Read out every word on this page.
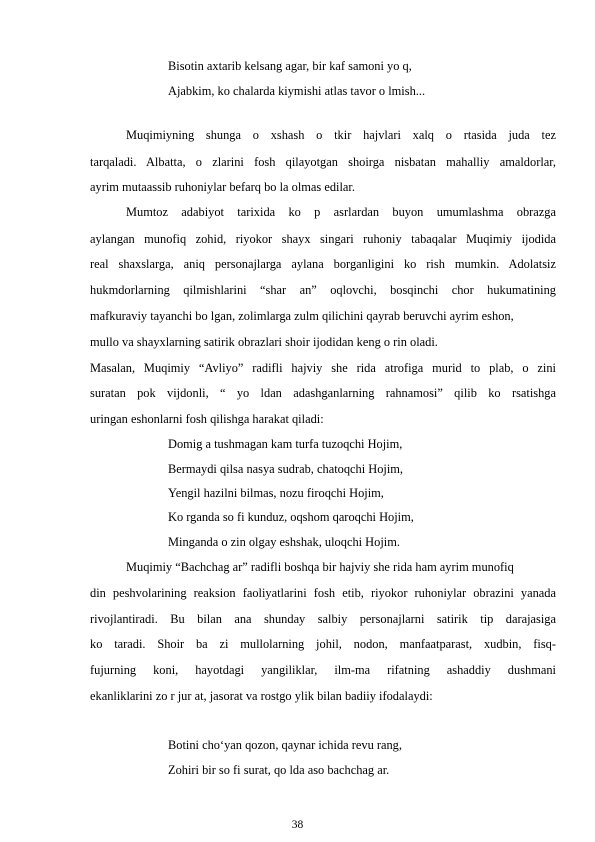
Bisotin axtarib kelsang agar, bir kaf samoni yo q,
Ajabkim, ko chalarda kiymishi atlas tavor o lmish...
Muqimiyning shunga o xshash o tkir hajvlari xalq o rtasida juda tez
tarqaladi. Albatta, o zlarini fosh qilayotgan shoirga nisbatan mahalliy amaldorlar,
ayrim mutaassib ruhoniylar befarq bo la olmas edilar.
Mumtoz adabiyot tarixida ko p asrlardan buyon umumlashma obrazga
aylangan munofiq zohid, riyokor shayx singari ruhoniy tabaqalar Muqimiy ijodida
real shaxslarga, aniq personajlarga aylana borganligini ko rish mumkin. Adolatsiz
hukmdorlarning qilmishlarini “shar an” oqlovchi, bosqinchi chor hukumatining
mafkuraviy tayanchi bo lgan, zolimlarga zulm qilichini qayrab beruvchi ayrim eshon,
mullo va shayxlarning satirik obrazlari shoir ijodidan keng o rin oladi.
Masalan, Muqimiy “Avliyo” radifli hajviy she rida atrofiga murid to plab, o zini
suratan pok vijdonli, “ yo ldan adashganlarning rahnamosi” qilib ko rsatishga
uringan eshonlarni fosh qilishga harakat qiladi:
Domig a tushmagan kam turfa tuzoqchi Hojim,
Bermaydi qilsa nasya sudrab, chatoqchi Hojim,
Yengil hazilni bilmas, nozu firoqchi Hojim,
Ko rganda so fi kunduz, oqshom qaroqchi Hojim,
Minganda o zin olgay eshshak, uloqchi Hojim.
Muqimiy “Bachchag ar” radifli boshqa bir hajviy she rida ham ayrim munofiq
din peshvolarining reaksion faoliyatlarini fosh etib, riyokor ruhoniylar obrazini yanada
rivojlantiradi. Bu bilan ana shunday salbiy personajlarni satirik tip darajasiga
ko taradi. Shoir ba zi mullolarning johil, nodon, manfaatparast, xudbin, fisq-
fujurning koni, hayotdagi yangiliklar, ilm-ma rifatning ashaddiy dushmani
ekanliklarini zo r jur at, jasorat va rostgo ylik bilan badiiy ifodalaydi:
Botini cho‘yan qozon, qaynar ichida revu rang,
Zohiri bir so fi surat, qo lda aso bachchag ar.
38
